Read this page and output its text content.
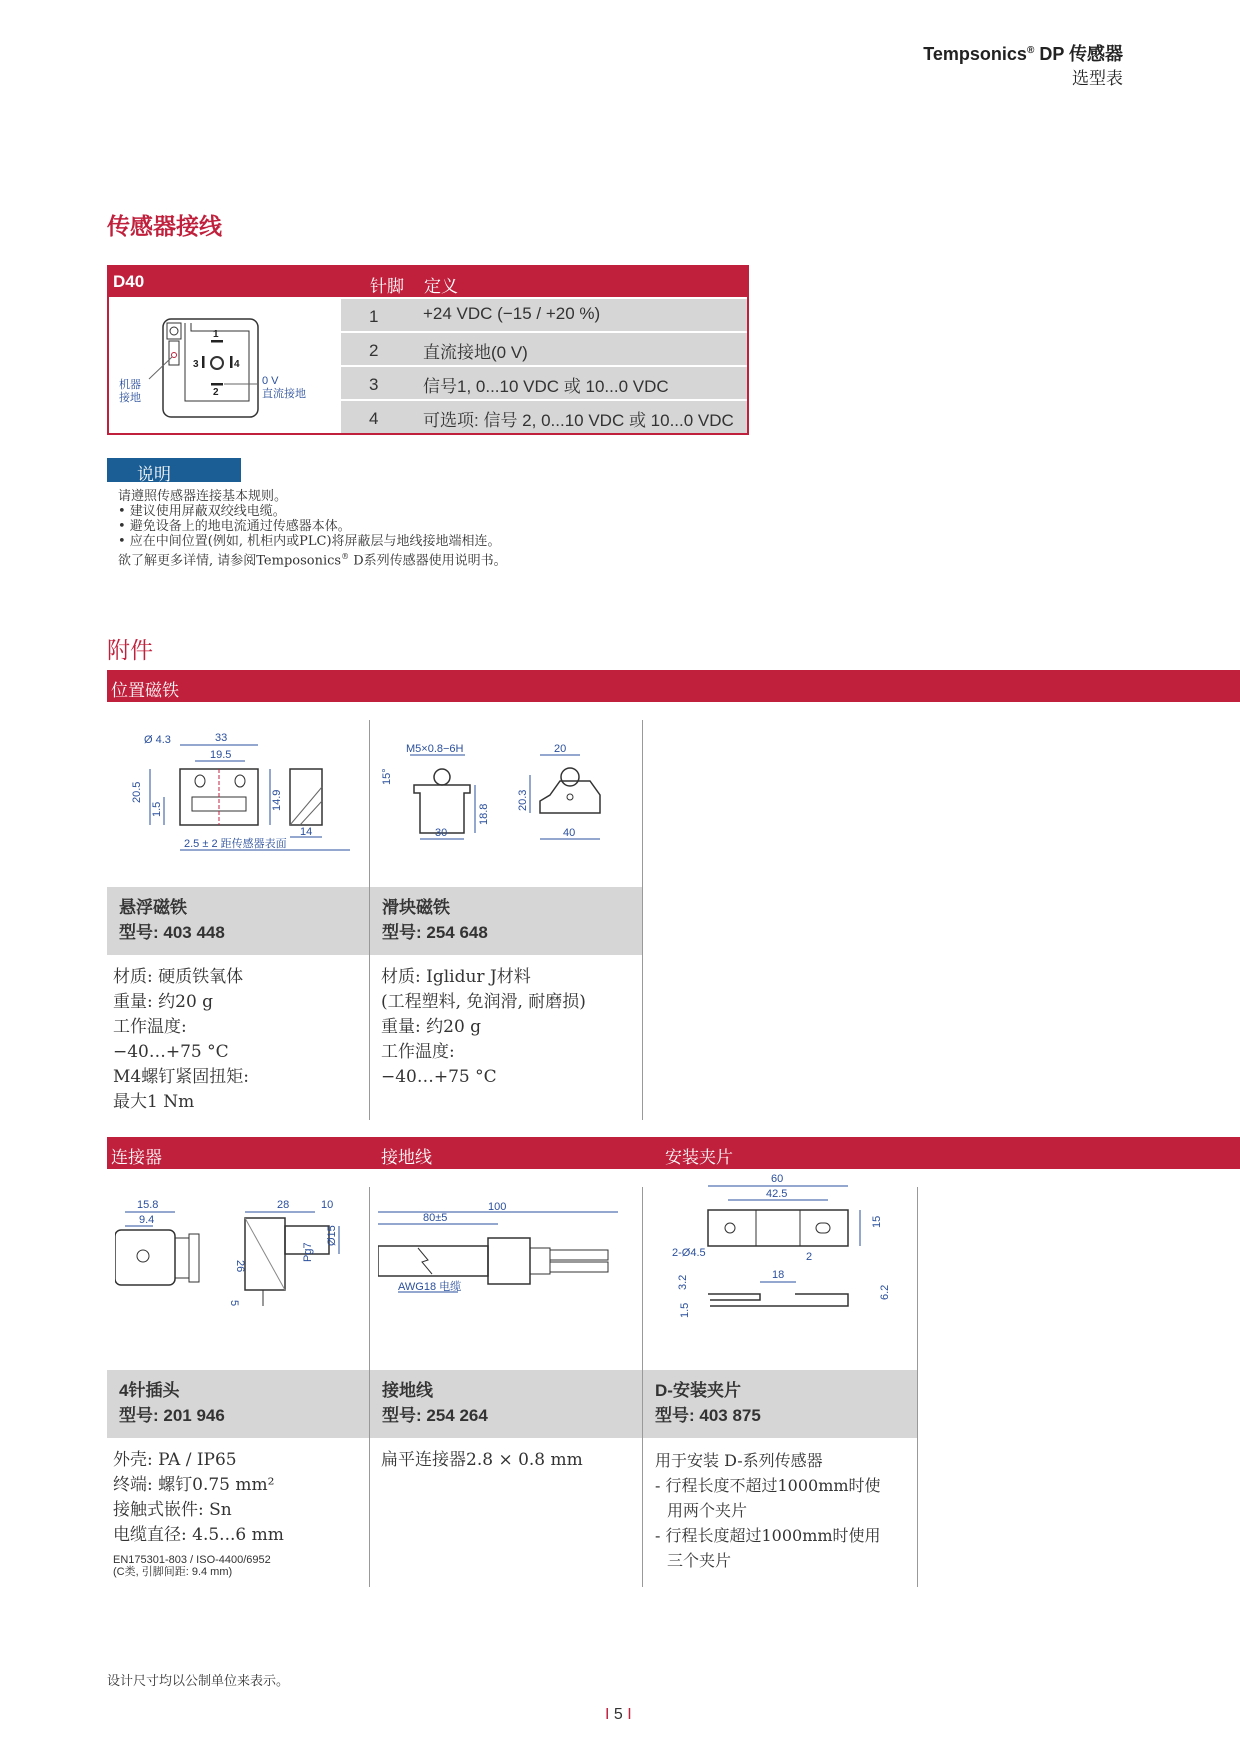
Tempsonics® DP 传感器
选型表
传感器接线
D40	针脚 定义
1	+24 VDC (−15 / +20 %)
2	直流接地(0 V)
3	信号1, 0...10 VDC 或 10...0 VDC
4	可选项: 信号 2, 0...10 VDC 或 10...0 VDC
1
2
3	4
机器
接地
0 V
直流接地
说明
请遵照传感器连接基本规则。
• 建议使用屏蔽双绞线电缆。
• 避免设备上的地电流通过传感器本体。
• 应在中间位置(例如, 机柜内或PLC)将屏蔽层与地线接地端相连。
欲了解更多详情, 请参阅Temposonics® D系列传感器使用说明书。
附件
位置磁铁
Ø 4.3	33
19.5
20.5
1.5	14.9
14
2.5 ± 2 距传感器表面
M5×0.8−6H
15°
18.8
30
20
20.3
40
悬浮磁铁
型号: 403 448
滑块磁铁
型号: 254 648
材质: 硬质铁氧体
重量: 约20 g
工作温度:
−40…+75 °C
M4螺钉紧固扭矩:
最大1 Nm
材质: Iglidur J材料
(工程塑料, 免润滑, 耐磨损)
重量: 约20 g
工作温度:
−40…+75 °C
连接器	接地线	安装夹片
15.8
9.4
28	10
26
Pg7
Ø15
5
100
80±5
AWG18 电缆
60
42.5
15
2-Ø4.5	2
18
3.2
1.5
6.2
4针插头
型号: 201 946
接地线
型号: 254 264
D-安装夹片
型号: 403 875
外壳: PA / IP65
终端: 螺钉0.75 mm²
接触式嵌件: Sn
电缆直径: 4.5...6 mm
EN175301-803 / ISO-4400/6952
(C类, 引脚间距: 9.4 mm)
扁平连接器2.8 × 0.8 mm	用于安装 D-系列传感器
- 行程长度不超过1000mm时使
用两个夹片
- 行程长度超过1000mm时使用
三个夹片
设计尺寸均以公制单位来表示。
I 5 I
